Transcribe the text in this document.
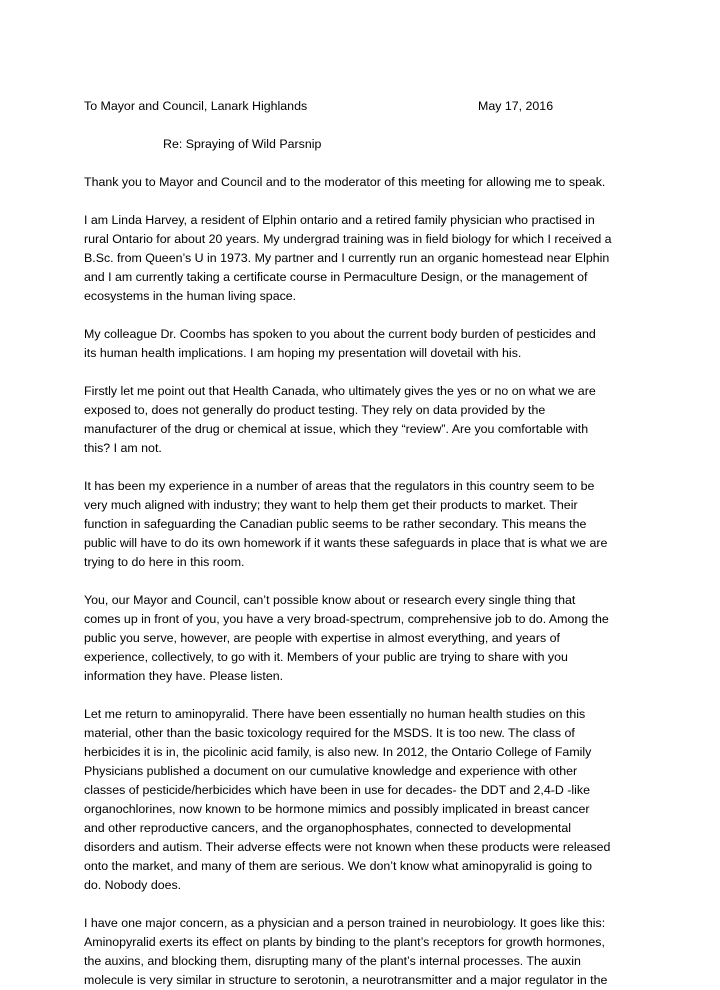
To Mayor and Council, Lanark Highlands	May 17, 2016
Re: Spraying of Wild Parsnip
Thank you to Mayor and Council and to the moderator of this meeting for allowing me to speak.
I am Linda Harvey, a resident of Elphin ontario and a retired family physician who practised in
rural Ontario for about 20 years. My undergrad training was in field biology for which I received a
B.Sc. from Queen’s U in 1973. My partner and I currently run an organic homestead near Elphin
and I am currently taking a certificate course in Permaculture Design, or the management of
ecosystems in the human living space.
My colleague Dr. Coombs has spoken to you about the current body burden of pesticides and
its human health implications. I am hoping my presentation will dovetail with his.
Firstly let me point out that Health Canada, who ultimately gives the yes or no on what we are
exposed to, does not generally do product testing. They rely on data provided by the
manufacturer of the drug or chemical at issue, which they “review”. Are you comfortable with
this? I am not.
It has been my experience in a number of areas that the regulators in this country seem to be
very much aligned with industry; they want to help them get their products to market. Their
function in safeguarding the Canadian public seems to be rather secondary. This means the
public will have to do its own homework if it wants these safeguards in place that is what we are
trying to do here in this room.
You, our Mayor and Council, can’t possible know about or research every single thing that
comes up in front of you, you have a very broad-spectrum, comprehensive job to do. Among the
public you serve, however, are people with expertise in almost everything, and years of
experience, collectively, to go with it. Members of your public are trying to share with you
information they have. Please listen.
Let me return to aminopyralid. There have been essentially no human health studies on this
material, other than the basic toxicology required for the MSDS. It is too new. The class of
herbicides it is in, the picolinic acid family, is also new. In 2012, the Ontario College of Family
Physicians published a document on our cumulative knowledge and experience with other
classes of pesticide/herbicides which have been in use for decades- the DDT and 2,4-D -like
organochlorines, now known to be hormone mimics and possibly implicated in breast cancer
and other reproductive cancers, and the organophosphates, connected to developmental
disorders and autism. Their adverse effects were not known when these products were released
onto the market, and many of them are serious. We don’t know what aminopyralid is going to
do. Nobody does.
I have one major concern, as a physician and a person trained in neurobiology. It goes like this:
Aminopyralid exerts its effect on plants by binding to the plant’s receptors for growth hormones,
the auxins, and blocking them, disrupting many of the plant’s internal processes. The auxin
molecule is very similar in structure to serotonin, a neurotransmitter and a major regulator in the
